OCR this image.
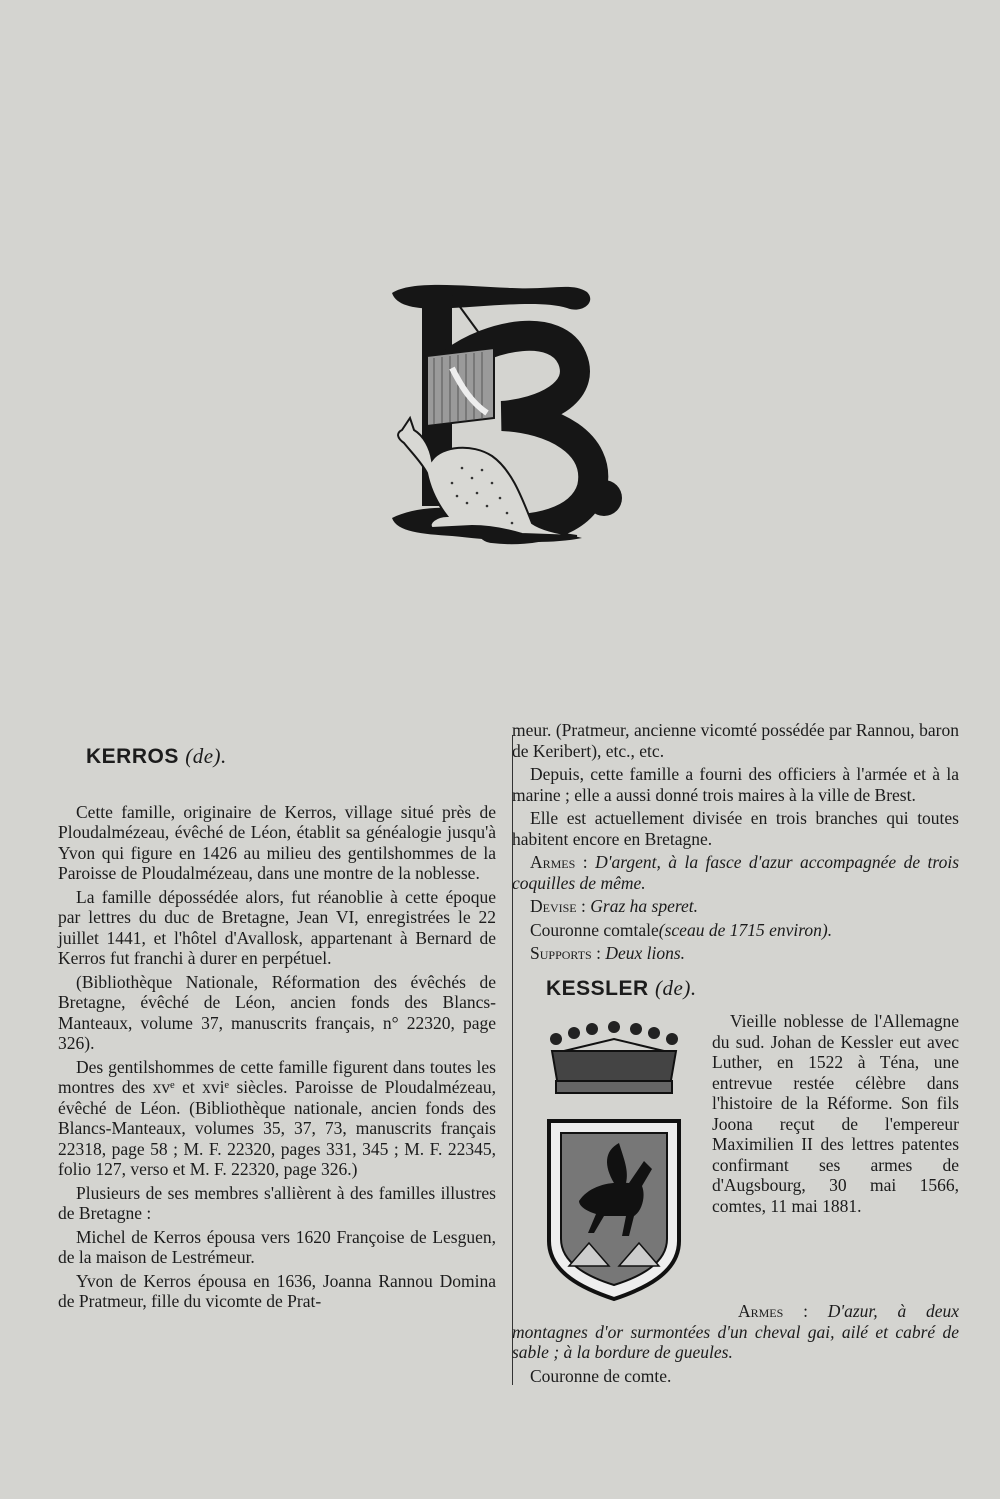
KERROS (de).

Cette famille, originaire de Kerros, village situé près de Ploudalmézeau, évêché de Léon, établit sa généalogie jusqu'à Yvon qui figure en 1426 au milieu des gentilshommes de la Paroisse de Ploudalmézeau, dans une montre de la noblesse.

La famille dépossédée alors, fut réanoblie à cette époque par lettres du duc de Bretagne, Jean VI, enregistrées le 22 juillet 1441, et l'hôtel d'Avallosk, appartenant à Bernard de Kerros fut franchi à durer en perpétuel.

(Bibliothèque Nationale, Réformation des évêchés de Bretagne, évêché de Léon, ancien fonds des Blancs-Manteaux, volume 37, manuscrits français, n° 22320, page 326).

Des gentilshommes de cette famille figurent dans toutes les montres des xvᵉ et xviᵉ siècles. Paroisse de Ploudalmézeau, évêché de Léon. (Bibliothèque nationale, ancien fonds des Blancs-Manteaux, volumes 35, 37, 73, manuscrits français 22318, page 58 ; M. F. 22320, pages 331, 345 ; M. F. 22345, folio 127, verso et M. F. 22320, page 326.)

Plusieurs de ses membres s'allièrent à des familles illustres de Bretagne :

Michel de Kerros épousa vers 1620 Françoise de Lesguen, de la maison de Lestrémeur.

Yvon de Kerros épousa en 1636, Joanna Rannou Domina de Pratmeur, fille du vicomte de Prat-

meur. (Pratmeur, ancienne vicomté possédée par Rannou, baron de Keribert), etc., etc.

Depuis, cette famille a fourni des officiers à l'armée et à la marine ; elle a aussi donné trois maires à la ville de Brest.

Elle est actuellement divisée en trois branches qui toutes habitent encore en Bretagne.

Armes : D'argent, à la fasce d'azur accompagnée de trois coquilles de même.

Devise : Graz ha speret.

Couronne comtale(sceau de 1715 environ).

Supports : Deux lions.

KESSLER (de).

Vieille noblesse de l'Allemagne du sud. Johan de Kessler eut avec Luther, en 1522 à Téna, une entrevue restée célèbre dans l'histoire de la Réforme. Son fils Joona reçut de l'empereur Maximilien II des lettres patentes confirmant ses armes de d'Augsbourg, 30 mai 1566, comtes, 11 mai 1881.

Armes : D'azur, à deux montagnes d'or surmontées d'un cheval gai, ailé et cabré de sable ; à la bordure de gueules.

Couronne de comte.
